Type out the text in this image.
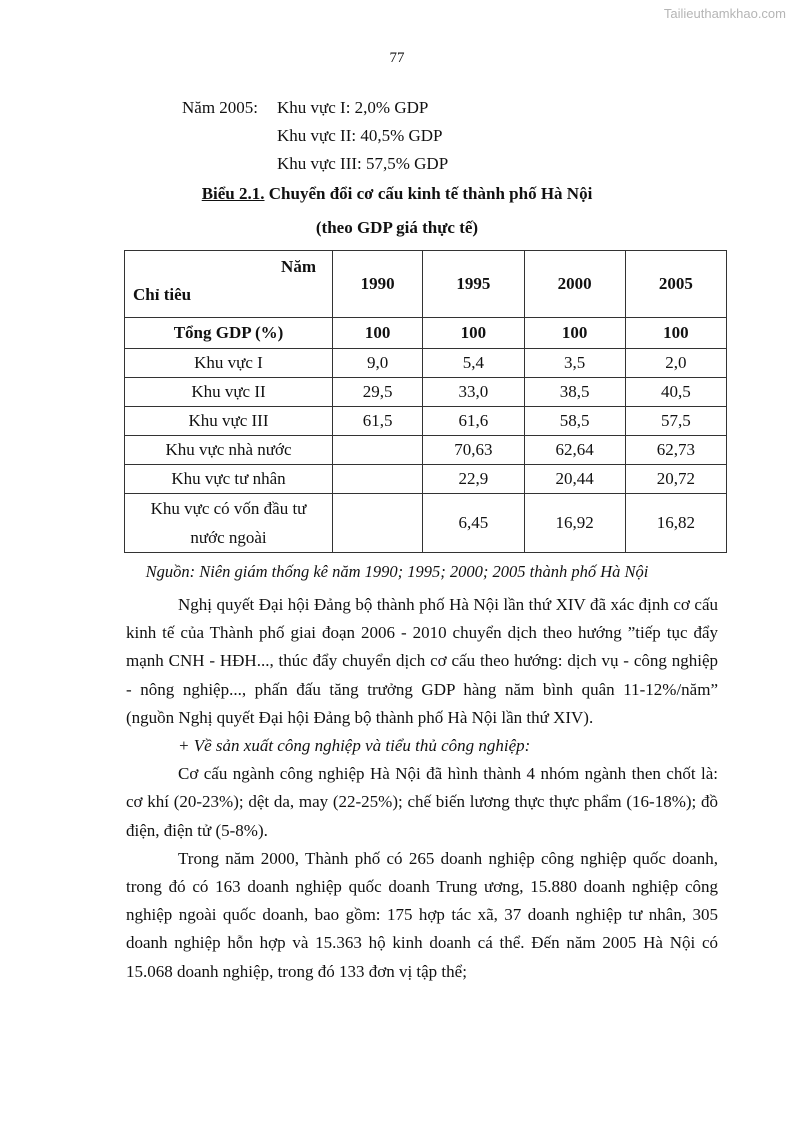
Tailieuthamkhao.com
77
Năm 2005: Khu vực I: 2,0% GDP
Khu vực II: 40,5% GDP
Khu vực III: 57,5% GDP
Biểu 2.1. Chuyển đổi cơ cấu kinh tế thành phố Hà Nội
(theo GDP giá thực tế)
Năm
Chỉ tiêu	1990	1995	2000	2005
Tổng GDP (%)	100	100	100	100
Khu vực I	9,0	5,4	3,5	2,0
Khu vực II	29,5	33,0	38,5	40,5
Khu vực III	61,5	61,6	58,5	57,5
Khu vực nhà nước		70,63	62,64	62,73
Khu vực tư nhân		22,9	20,44	20,72
Khu vực có vốn đầu tư
nước ngoài		6,45	16,92	16,82
Nguồn: Niên giám thống kê năm 1990; 1995; 2000; 2005 thành phố Hà Nội

Nghị quyết Đại hội Đảng bộ thành phố Hà Nội lần thứ XIV đã xác định cơ cấu kinh tế của Thành phố giai đoạn 2006 - 2010 chuyển dịch theo hướng ”tiếp tục đẩy mạnh CNH - HĐH..., thúc đẩy chuyển dịch cơ cấu theo hướng: dịch vụ - công nghiệp - nông nghiệp..., phấn đấu tăng trưởng GDP hàng năm bình quân 11-12%/năm” (nguồn Nghị quyết Đại hội Đảng bộ thành phố Hà Nội lần thứ XIV).

+ Về sản xuất công nghiệp và tiểu thủ công nghiệp:

Cơ cấu ngành công nghiệp Hà Nội đã hình thành 4 nhóm ngành then chốt là: cơ khí (20-23%); dệt da, may (22-25%); chế biến lương thực thực phẩm (16-18%); đồ điện, điện tử (5-8%).

Trong năm 2000, Thành phố có 265 doanh nghiệp công nghiệp quốc doanh, trong đó có 163 doanh nghiệp quốc doanh Trung ương, 15.880 doanh nghiệp công nghiệp ngoài quốc doanh, bao gồm: 175 hợp tác xã, 37 doanh nghiệp tư nhân, 305 doanh nghiệp hỗn hợp và 15.363 hộ kinh doanh cá thể. Đến năm 2005 Hà Nội có 15.068 doanh nghiệp, trong đó 133 đơn vị tập thể;
